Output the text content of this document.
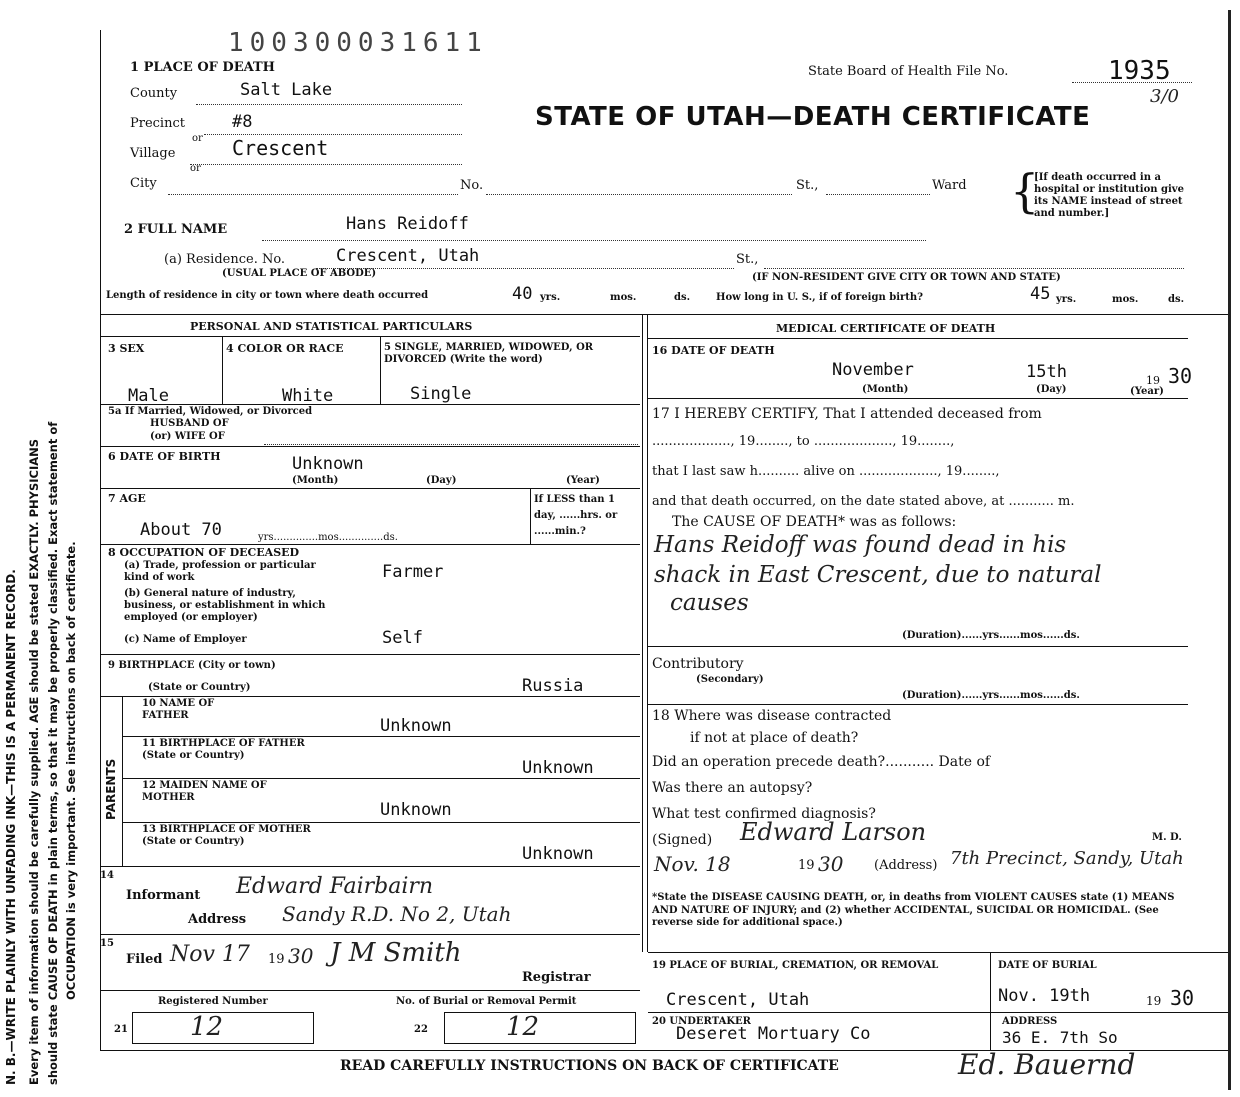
N. B.—WRITE PLAINLY WITH UNFADING INK—THIS IS A PERMANENT RECORD. Every item of information should be carefully supplied. AGE should be stated EXACTLY. PHYSICIANS should state CAUSE OF DEATH in plain terms, so that it may be properly classified. Exact statement of OCCUPATION is very important. See instructions on back of certificate.
100300031611
State Board of Health File No.	1935
3/0
STATE OF UTAH—DEATH CERTIFICATE
1 PLACE OF DEATH
County	Salt Lake
Precinct	#8
or
Village	Crescent
or
City	No.	St.,	Ward {
[If death occurred in a hospital or institution give its NAME instead of street and number.]
2 FULL NAME	Hans Reidoff
(a) Residence. No.	Crescent, Utah	St.,
(USUAL PLACE OF ABODE)	(IF NON-RESIDENT GIVE CITY OR TOWN AND STATE)
Length of residence in city or town where death occurred	40 yrs.	mos.	ds.	How long in U. S., if of foreign birth?	45 yrs.	mos.	ds.
PERSONAL AND STATISTICAL PARTICULARS	MEDICAL CERTIFICATE OF DEATH
3 SEX	4 COLOR OR RACE	5 SINGLE, MARRIED, WIDOWED, OR DIVORCED (Write the word)
Male	White	Single
5a If Married, Widowed, or Divorced
HUSBAND OF
(or) WIFE OF
6 DATE OF BIRTH	Unknown
(Month)	(Day)	(Year)
7 AGE	If LESS than 1 day, ......hrs. or ......min.?
About 70	yrs..............mos..............ds.
8 OCCUPATION OF DECEASED
(a) Trade, profession or particular kind of work	Farmer
(b) General nature of industry, business, or establishment in which employed (or employer)
(c) Name of Employer	Self
9 BIRTHPLACE (City or town)
(State or Country)	Russia
PARENTS
10 NAME OF FATHER
Unknown
11 BIRTHPLACE OF FATHER (State or Country)
Unknown
12 MAIDEN NAME OF MOTHER
Unknown
13 BIRTHPLACE OF MOTHER (State or Country)
Unknown
14
Informant Edward Fairbairn
Address Sandy R.D. No 2, Utah
15
Filed Nov 17 19 30 J M Smith
Registrar
Registered Number	No. of Burial or Removal Permit
21 12	22	12
16 DATE OF DEATH
November	15th	19 30
(Month)	(Day)	(Year)
17 I HEREBY CERTIFY, That I attended deceased from
..................., 19........, to ..................., 19........,
that I last saw h.......... alive on ..................., 19........,
and that death occurred, on the date stated above, at ........... m.
The CAUSE OF DEATH* was as follows:
Hans Reidoff was found dead in his
shack in East Crescent, due to natural
causes
(Duration)......yrs......mos......ds.
Contributory
(Secondary)
(Duration)......yrs......mos......ds.
18 Where was disease contracted
if not at place of death?
Did an operation precede death?........... Date of
Was there an autopsy?
What test confirmed diagnosis?
(Signed) Edward Larson	M. D.
Nov. 18	19 30 (Address) 7th Precinct, Sandy, Utah
*State the DISEASE CAUSING DEATH, or, in deaths from VIOLENT CAUSES state (1) MEANS AND NATURE OF INJURY; and (2) whether ACCIDENTAL, SUICIDAL OR HOMICIDAL. (See reverse side for additional space.)
19 PLACE OF BURIAL, CREMATION, OR REMOVAL	DATE OF BURIAL
Crescent, Utah	Nov. 19th	19 30
20 UNDERTAKER
Deseret Mortuary Co
ADDRESS
36 E. 7th So
READ CAREFULLY INSTRUCTIONS ON BACK OF CERTIFICATE	Ed. Bauernd
